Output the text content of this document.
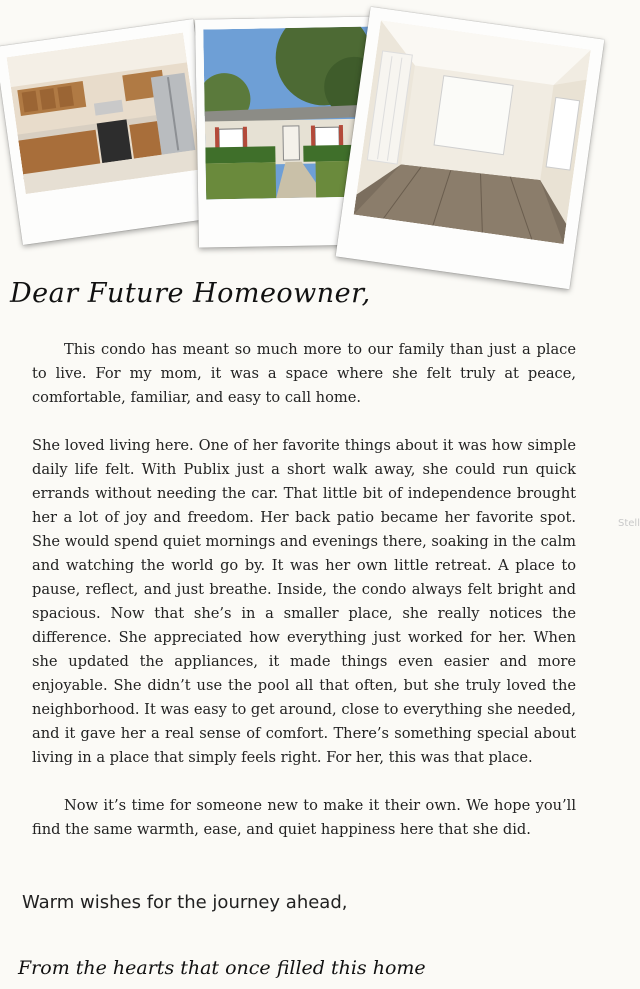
Dear Future Homeowner,

This condo has meant so much more to our family than just a place to live. For my mom, it was a space where she felt truly at peace, comfortable, familiar, and easy to call home.

She loved living here. One of her favorite things about it was how simple daily life felt. With Publix just a short walk away, she could run quick errands without needing the car. That little bit of independence brought her a lot of joy and freedom. Her back patio became her favorite spot. She would spend quiet mornings and evenings there, soaking in the calm and watching the world go by. It was her own little retreat. A place to pause, reflect, and just breathe. Inside, the condo always felt bright and spacious. Now that she’s in a smaller place, she really notices the difference. She appreciated how everything just worked for her. When she updated the appliances, it made things even easier and more enjoyable. She didn’t use the pool all that often, but she truly loved the neighborhood. It was easy to get around, close to everything she needed, and it gave her a real sense of comfort. There’s something special about living in a place that simply feels right. For her, this was that place.

Now it’s time for someone new to make it their own. We hope you’ll find the same warmth, ease, and quiet happiness here that she did.

Warm wishes for the journey ahead,
From the hearts that once filled this home
Stell
